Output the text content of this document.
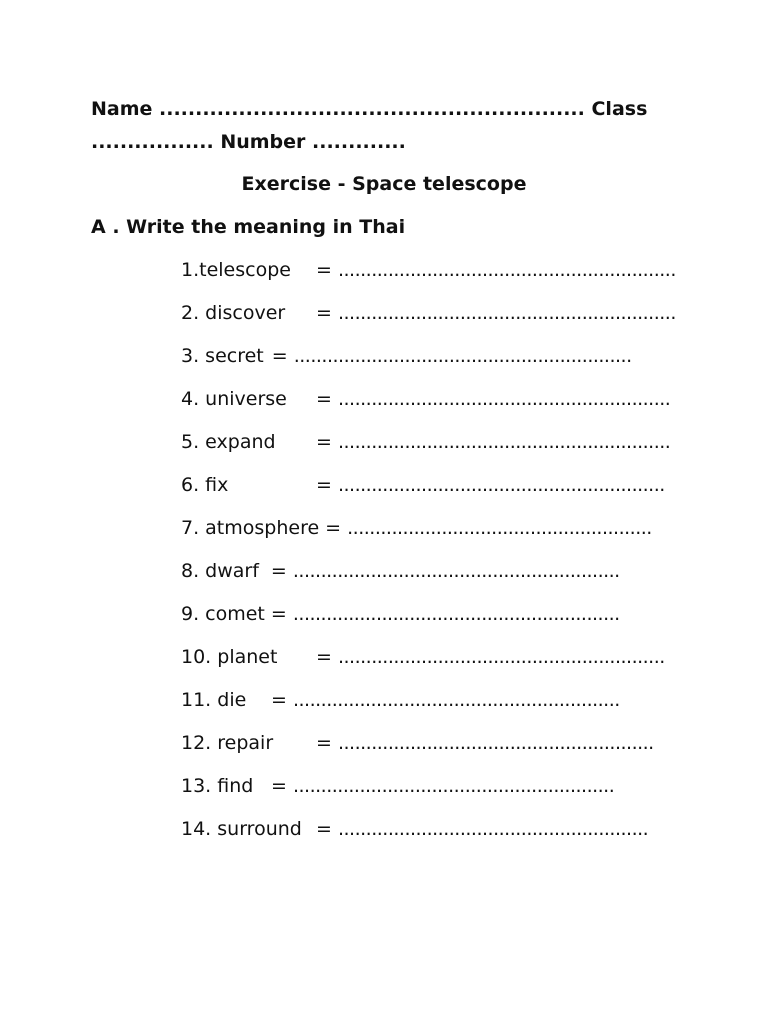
Name ........................................................... Class
................. Number .............
Exercise - Space telescope
A . Write the meaning in Thai
1.telescope = .............................................................
2. discover = .............................................................
3. secret = .............................................................
4. universe = ............................................................
5. expand = ............................................................
6. fix	= ...........................................................
7. atmosphere = .......................................................
8. dwarf = ...........................................................
9. comet = ...........................................................
10. planet = ...........................................................
11. die = ...........................................................
12. repair = .........................................................
13. find = ..........................................................
14. surround = ........................................................
